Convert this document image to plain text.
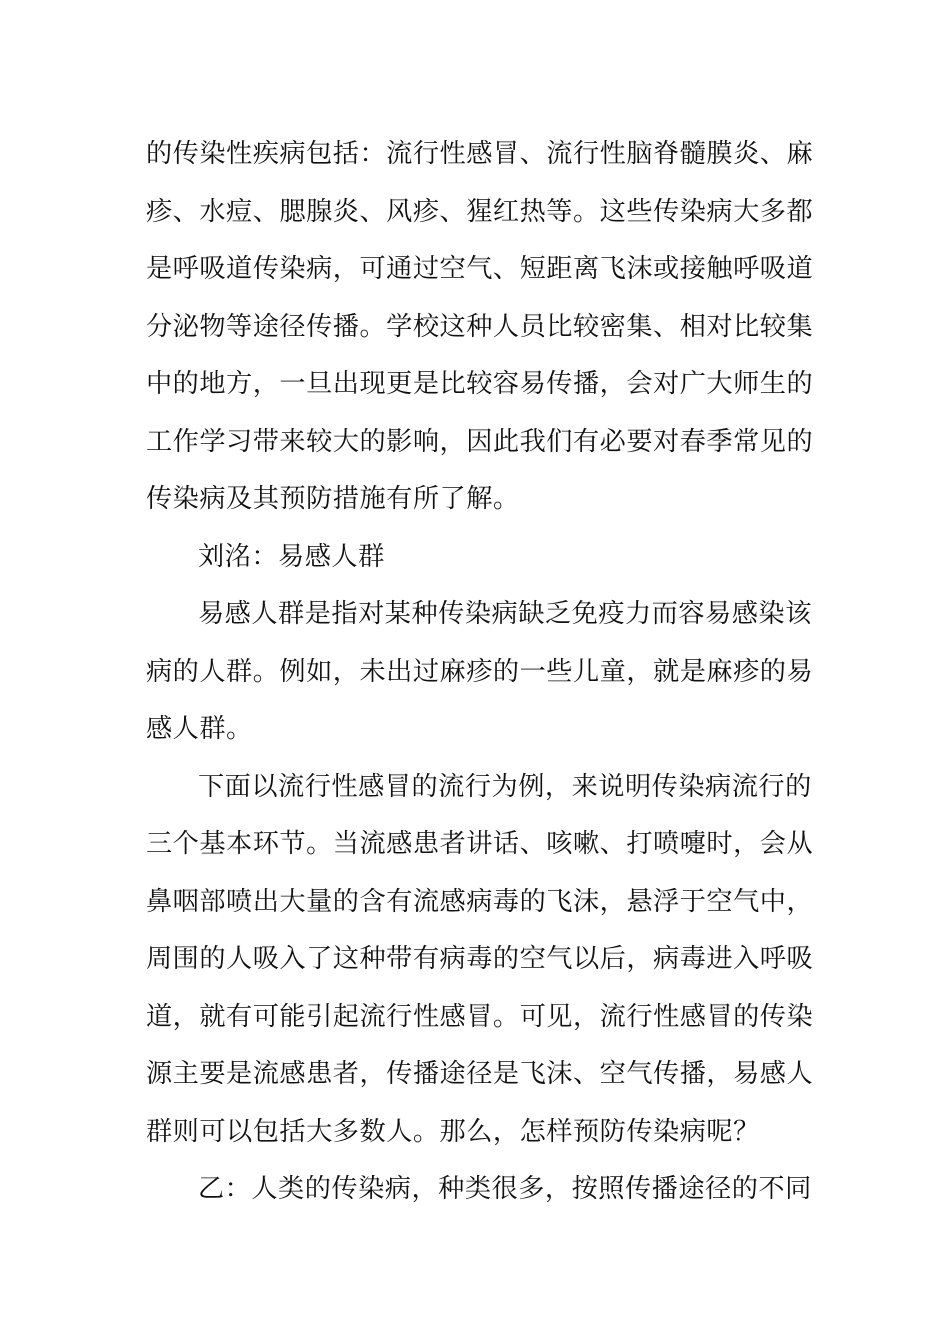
的传染性疾病包括：流行性感冒、流行性脑脊髓膜炎、麻
疹、水痘、腮腺炎、风疹、猩红热等。这些传染病大多都
是呼吸道传染病，可通过空气、短距离飞沫或接触呼吸道
分泌物等途径传播。学校这种人员比较密集、相对比较集
中的地方，一旦出现更是比较容易传播，会对广大师生的
工作学习带来较大的影响，因此我们有必要对春季常见的
传染病及其预防措施有所了解。
刘洺：易感人群
易感人群是指对某种传染病缺乏免疫力而容易感染该
病的人群。例如，未出过麻疹的一些儿童，就是麻疹的易
感人群。
下面以流行性感冒的流行为例，来说明传染病流行的
三个基本环节。当流感患者讲话、咳嗽、打喷嚏时，会从
鼻咽部喷出大量的含有流感病毒的飞沫，悬浮于空气中，
周围的人吸入了这种带有病毒的空气以后，病毒进入呼吸
道，就有可能引起流行性感冒。可见，流行性感冒的传染
源主要是流感患者，传播途径是飞沫、空气传播，易感人
群则可以包括大多数人。那么，怎样预防传染病呢？
乙：人类的传染病，种类很多，按照传播途径的不同
